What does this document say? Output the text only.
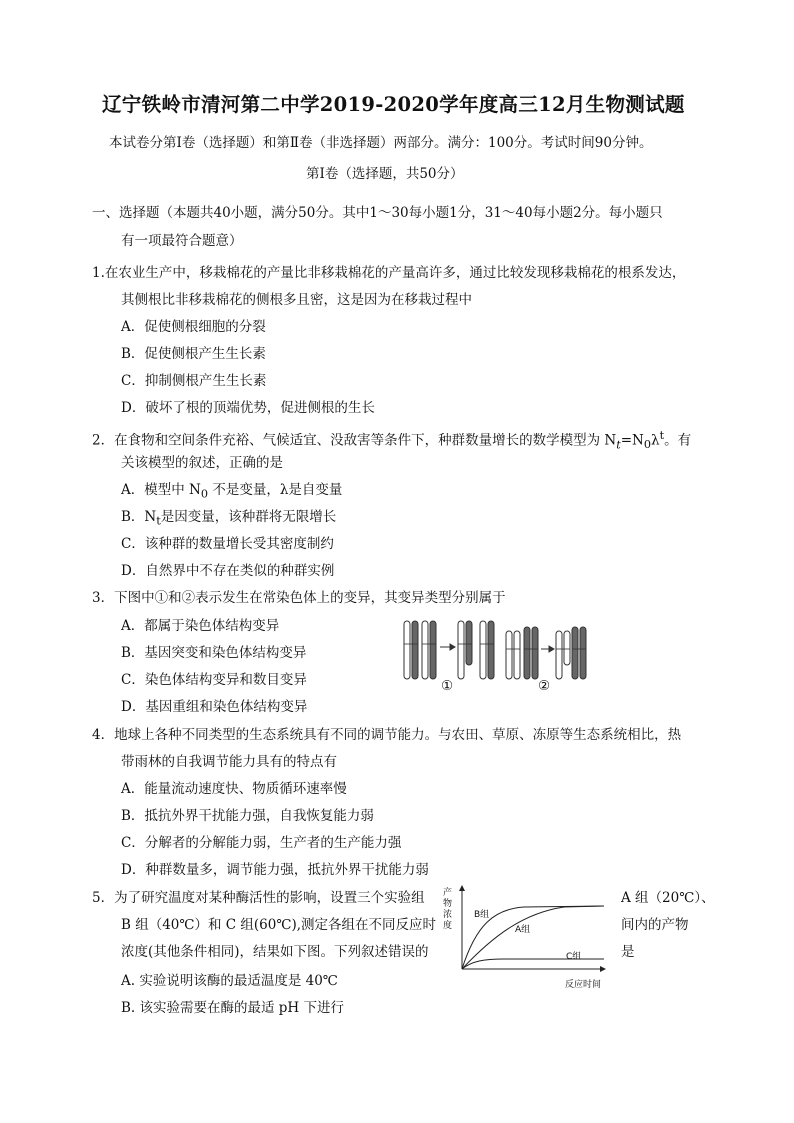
辽宁铁岭市清河第二中学2019-2020学年度高三12月生物测试题
本试卷分第Ⅰ卷（选择题）和第Ⅱ卷（非选择题）两部分。满分：100分。考试时间90分钟。
第Ⅰ卷（选择题，共50分）
一、选择题（本题共40小题，满分50分。其中1～30每小题1分，31～40每小题2分。每小题只
有一项最符合题意）
1.在农业生产中，移栽棉花的产量比非移栽棉花的产量高许多，通过比较发现移栽棉花的根系发达，
其侧根比非移栽棉花的侧根多且密，这是因为在移栽过程中
A．促使侧根细胞的分裂
B．促使侧根产生生长素
C．抑制侧根产生生长素
D．破坏了根的顶端优势，促进侧根的生长
2．在食物和空间条件充裕、气候适宜、没敌害等条件下，种群数量增长的数学模型为 $N_t=N_0\lambda^t$。有
关该模型的叙述，正确的是
A．模型中 $N_0$ 不是变量，λ是自变量
B．$N_t$是因变量，该种群将无限增长
C．该种群的数量增长受其密度制约
D．自然界中不存在类似的种群实例
3．下图中①和②表示发生在常染色体上的变异，其变异类型分别属于
A．都属于染色体结构变异
B．基因突变和染色体结构变异
C．染色体结构变异和数目变异
D．基因重组和染色体结构变异
①	②
4．地球上各种不同类型的生态系统具有不同的调节能力。与农田、草原、冻原等生态系统相比，热
带雨林的自我调节能力具有的特点有
A．能量流动速度快、物质循环速率慢
B．抵抗外界干扰能力强，自我恢复能力弱
C．分解者的分解能力弱，生产者的生产能力强
D．种群数量多，调节能力强，抵抗外界干扰能力弱
5．为了研究温度对某种酶活性的影响，设置三个实验组	A 组（20℃）、
B 组（40℃）和 C 组(60℃),测定各组在不同反应时	间内的产物
浓度(其他条件相同)，结果如下图。下列叙述错误的	是
A. 实验说明该酶的最适温度是 40℃
B. 该实验需要在酶的最适 pH 下进行
产物浓度
反应时间
B组
A组
C组
